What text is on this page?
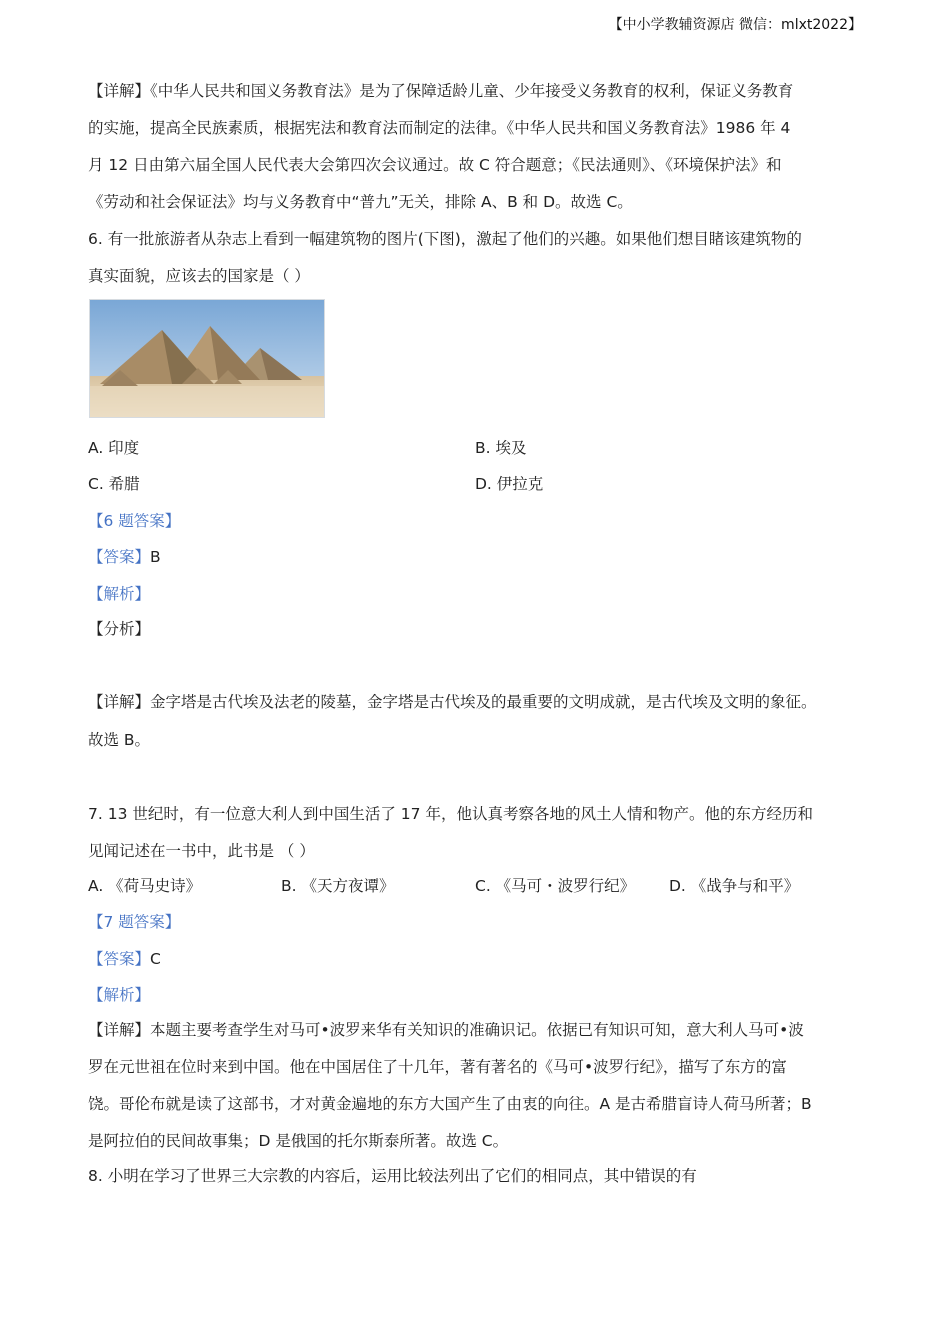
【中小学教辅资源店 微信：mlxt2022】
【详解】《中华人民共和国义务教育法》是为了保障适龄儿童、少年接受义务教育的权利，保证义务教育
的实施，提高全民族素质，根据宪法和教育法而制定的法律。《中华人民共和国义务教育法》1986 年 4
月 12 日由第六届全国人民代表大会第四次会议通过。故 C 符合题意；《民法通则》、《环境保护法》和
《劳动和社会保证法》均与义务教育中“普九”无关，排除 A、B 和 D。故选 C。
6. 有一批旅游者从杂志上看到一幅建筑物的图片(下图)，激起了他们的兴趣。如果他们想目睹该建筑物的
真实面貌，应该去的国家是（ ）
A. 印度	B. 埃及
C. 希腊	D. 伊拉克
【6 题答案】
【答案】B
【解析】
【分析】
【详解】金字塔是古代埃及法老的陵墓，金字塔是古代埃及的最重要的文明成就，是古代埃及文明的象征。
故选 B。
7. 13 世纪时，有一位意大利人到中国生活了 17 年，他认真考察各地的风土人情和物产。他的东方经历和
见闻记述在一书中，此书是 （ ）
A. 《荷马史诗》	B. 《天方夜谭》	C. 《马可・波罗行纪》 D. 《战争与和平》
【7 题答案】
【答案】C
【解析】
【详解】本题主要考查学生对马可•波罗来华有关知识的准确识记。依据已有知识可知，意大利人马可•波
罗在元世祖在位时来到中国。他在中国居住了十几年，著有著名的《马可•波罗行纪》，描写了东方的富
饶。哥伦布就是读了这部书，才对黄金遍地的东方大国产生了由衷的向往。A 是古希腊盲诗人荷马所著；B
是阿拉伯的民间故事集；D 是俄国的托尔斯泰所著。故选 C。
8. 小明在学习了世界三大宗教的内容后，运用比较法列出了它们的相同点，其中错误的有
